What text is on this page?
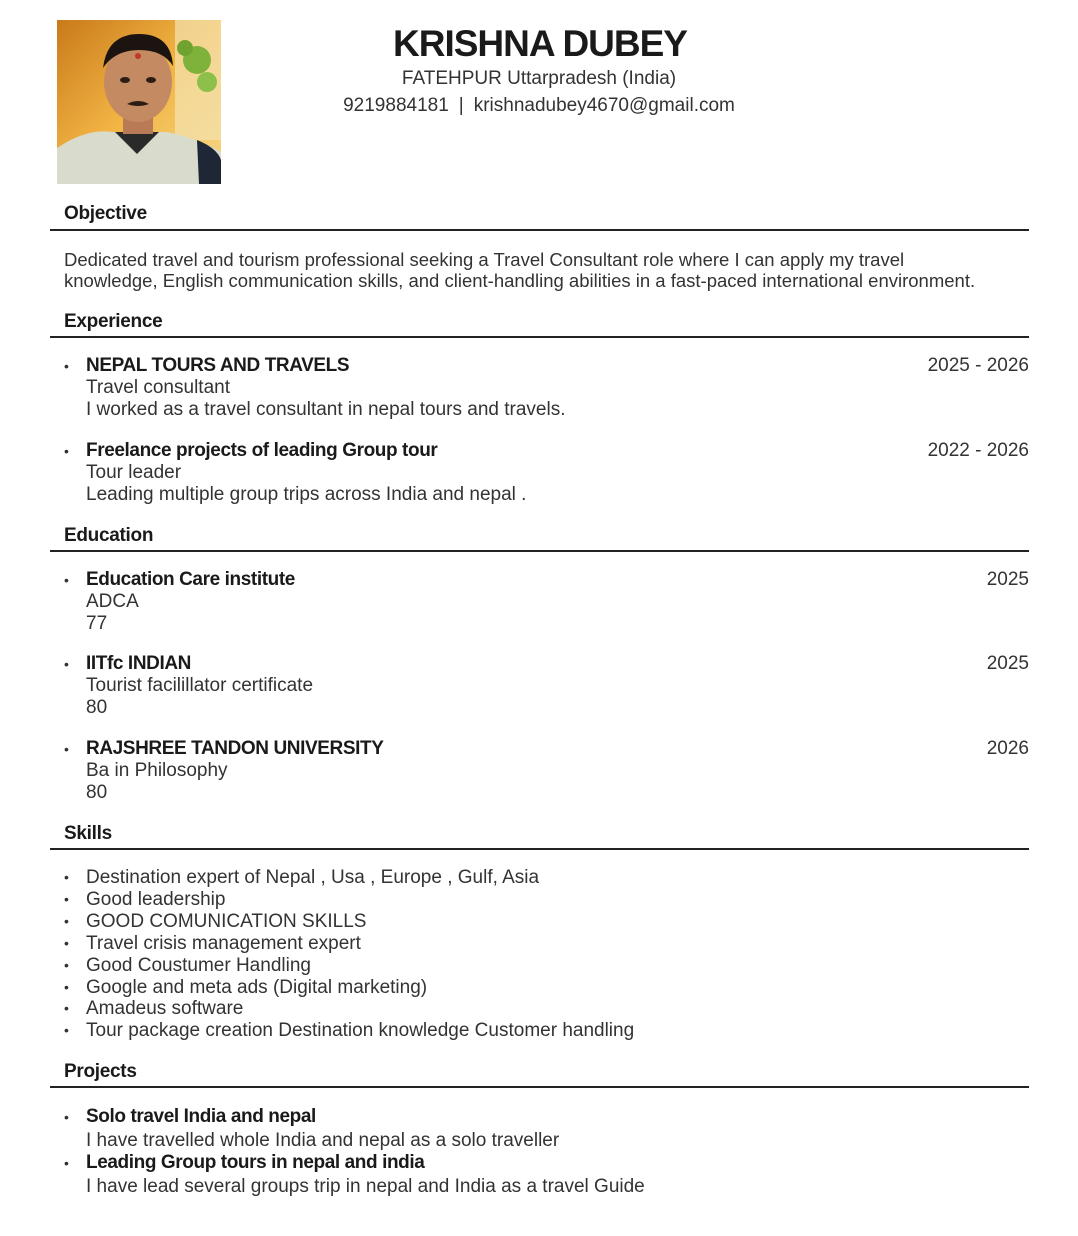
KRISHNA DUBEY
FATEHPUR Uttarpradesh (India)
9219884181 | krishnadubey4670@gmail.com
Objective
Dedicated travel and tourism professional seeking a Travel Consultant role where I can apply my travel
knowledge, English communication skills, and client-handling abilities in a fast-paced international environment.
Experience
• NEPAL TOURS AND TRAVELS	2025 - 2026
Travel consultant
I worked as a travel consultant in nepal tours and travels.
• Freelance projects of leading Group tour	2022 - 2026
Tour leader
Leading multiple group trips across India and nepal .
Education
• Education Care institute	2025
ADCA
77
• IITfc INDIAN	2025
Tourist facilillator certificate
80
• RAJSHREE TANDON UNIVERSITY	2026
Ba in Philosophy
80
Skills
• Destination expert of Nepal , Usa , Europe , Gulf, Asia
• Good leadership
• GOOD COMUNICATION SKILLS
• Travel crisis management expert
• Good Coustumer Handling
• Google and meta ads (Digital marketing)
• Amadeus software
• Tour package creation Destination knowledge Customer handling
Projects
• Solo travel India and nepal
I have travelled whole India and nepal as a solo traveller
• Leading Group tours in nepal and india
I have lead several groups trip in nepal and India as a travel Guide
